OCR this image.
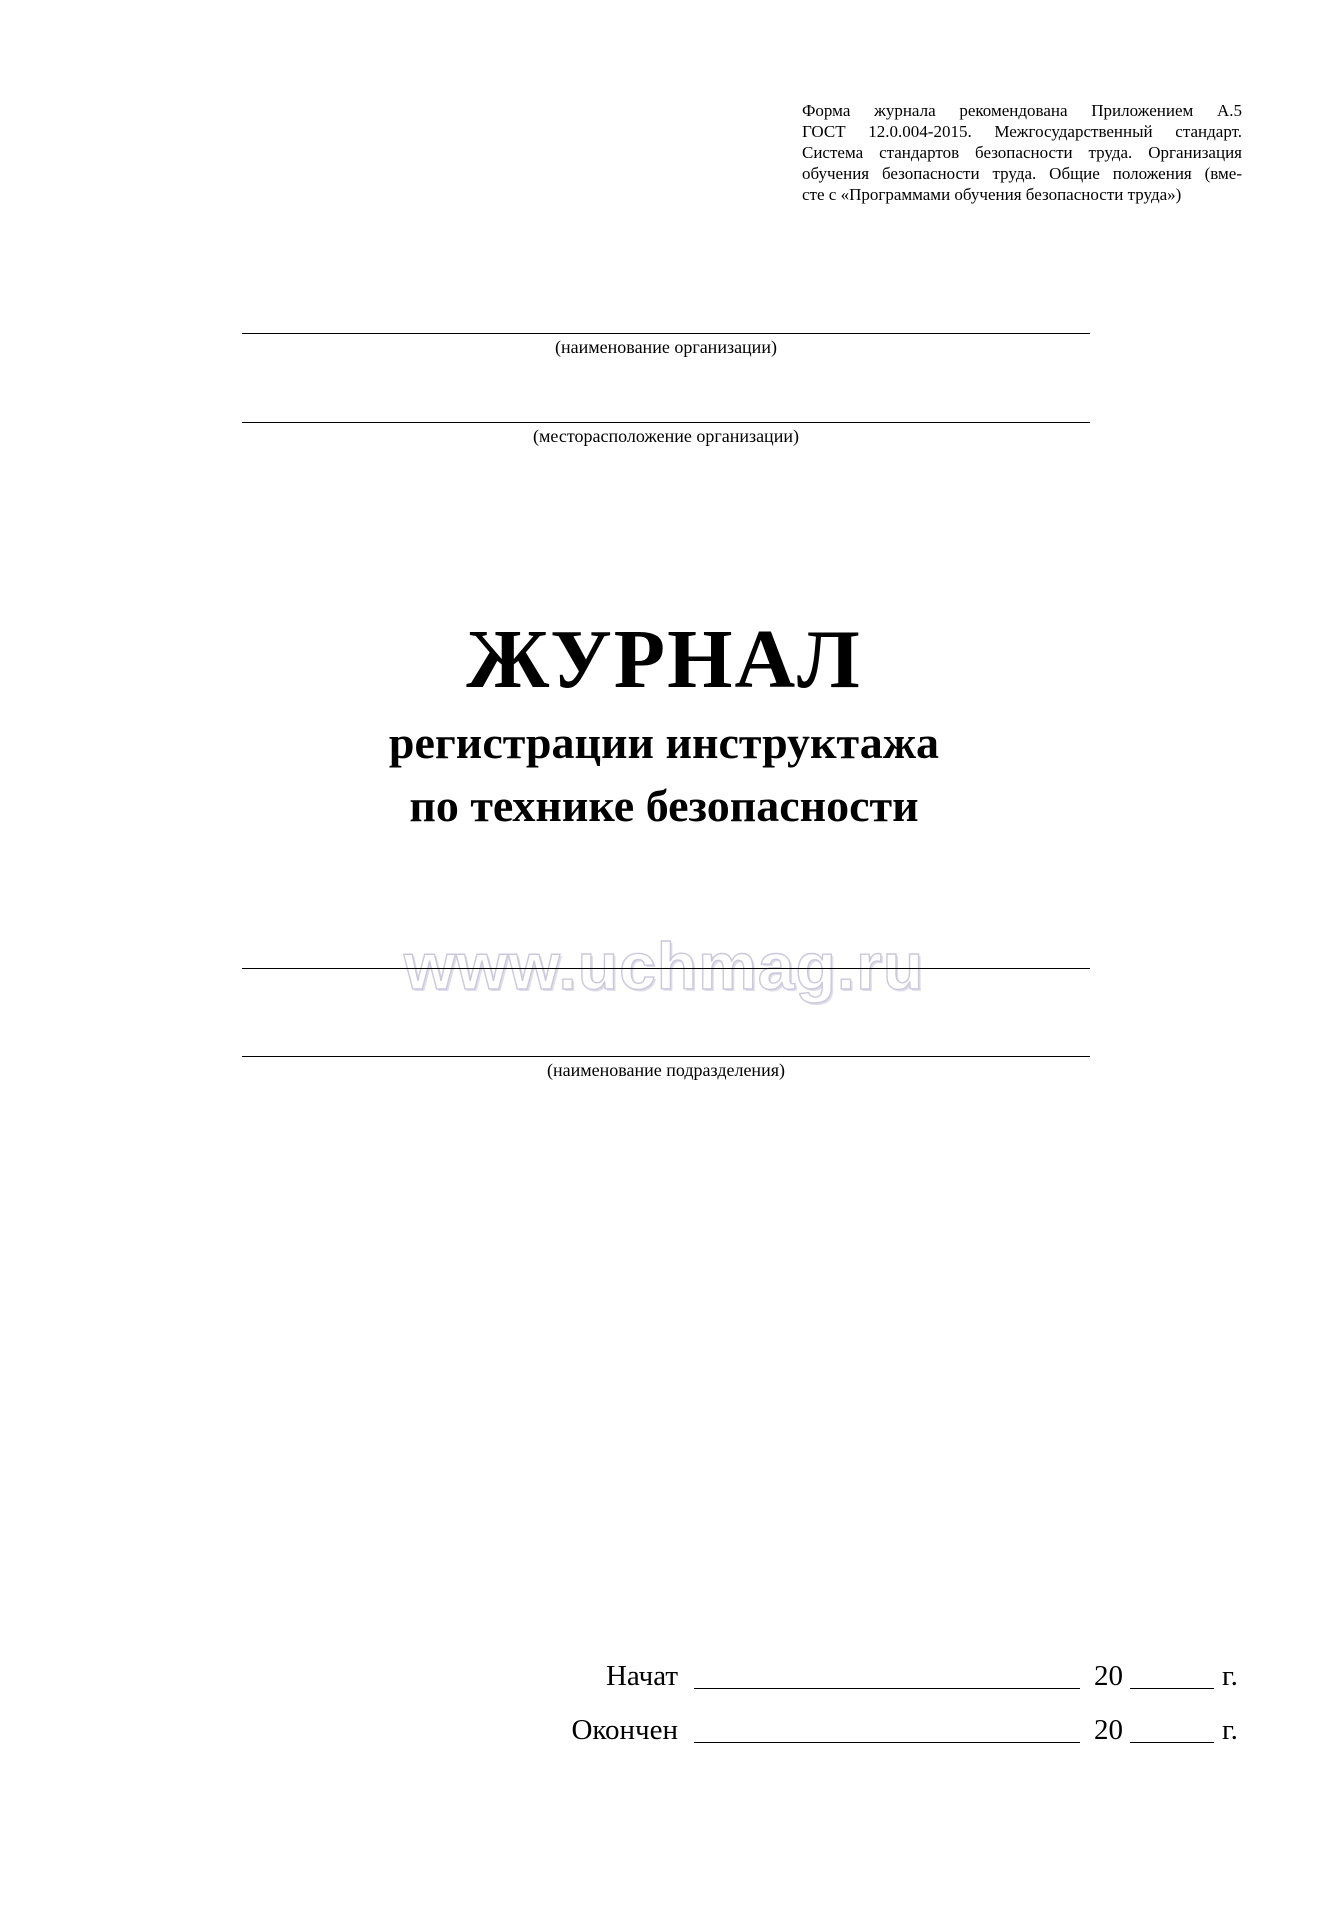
Форма журнала рекомендована Приложением А.5
ГОСТ 12.0.004-2015. Межгосударственный стандарт.
Система стандартов безопасности труда. Организация
обучения безопасности труда. Общие положения (вме-
сте с «Программами обучения безопасности труда»)
(наименование организации)
(месторасположение организации)
ЖУРНАЛ
регистрации инструктажа
по технике безопасности
www.uchmag.ru
(наименование подразделения)
Начат	20	г.
Окончен	20	г.
